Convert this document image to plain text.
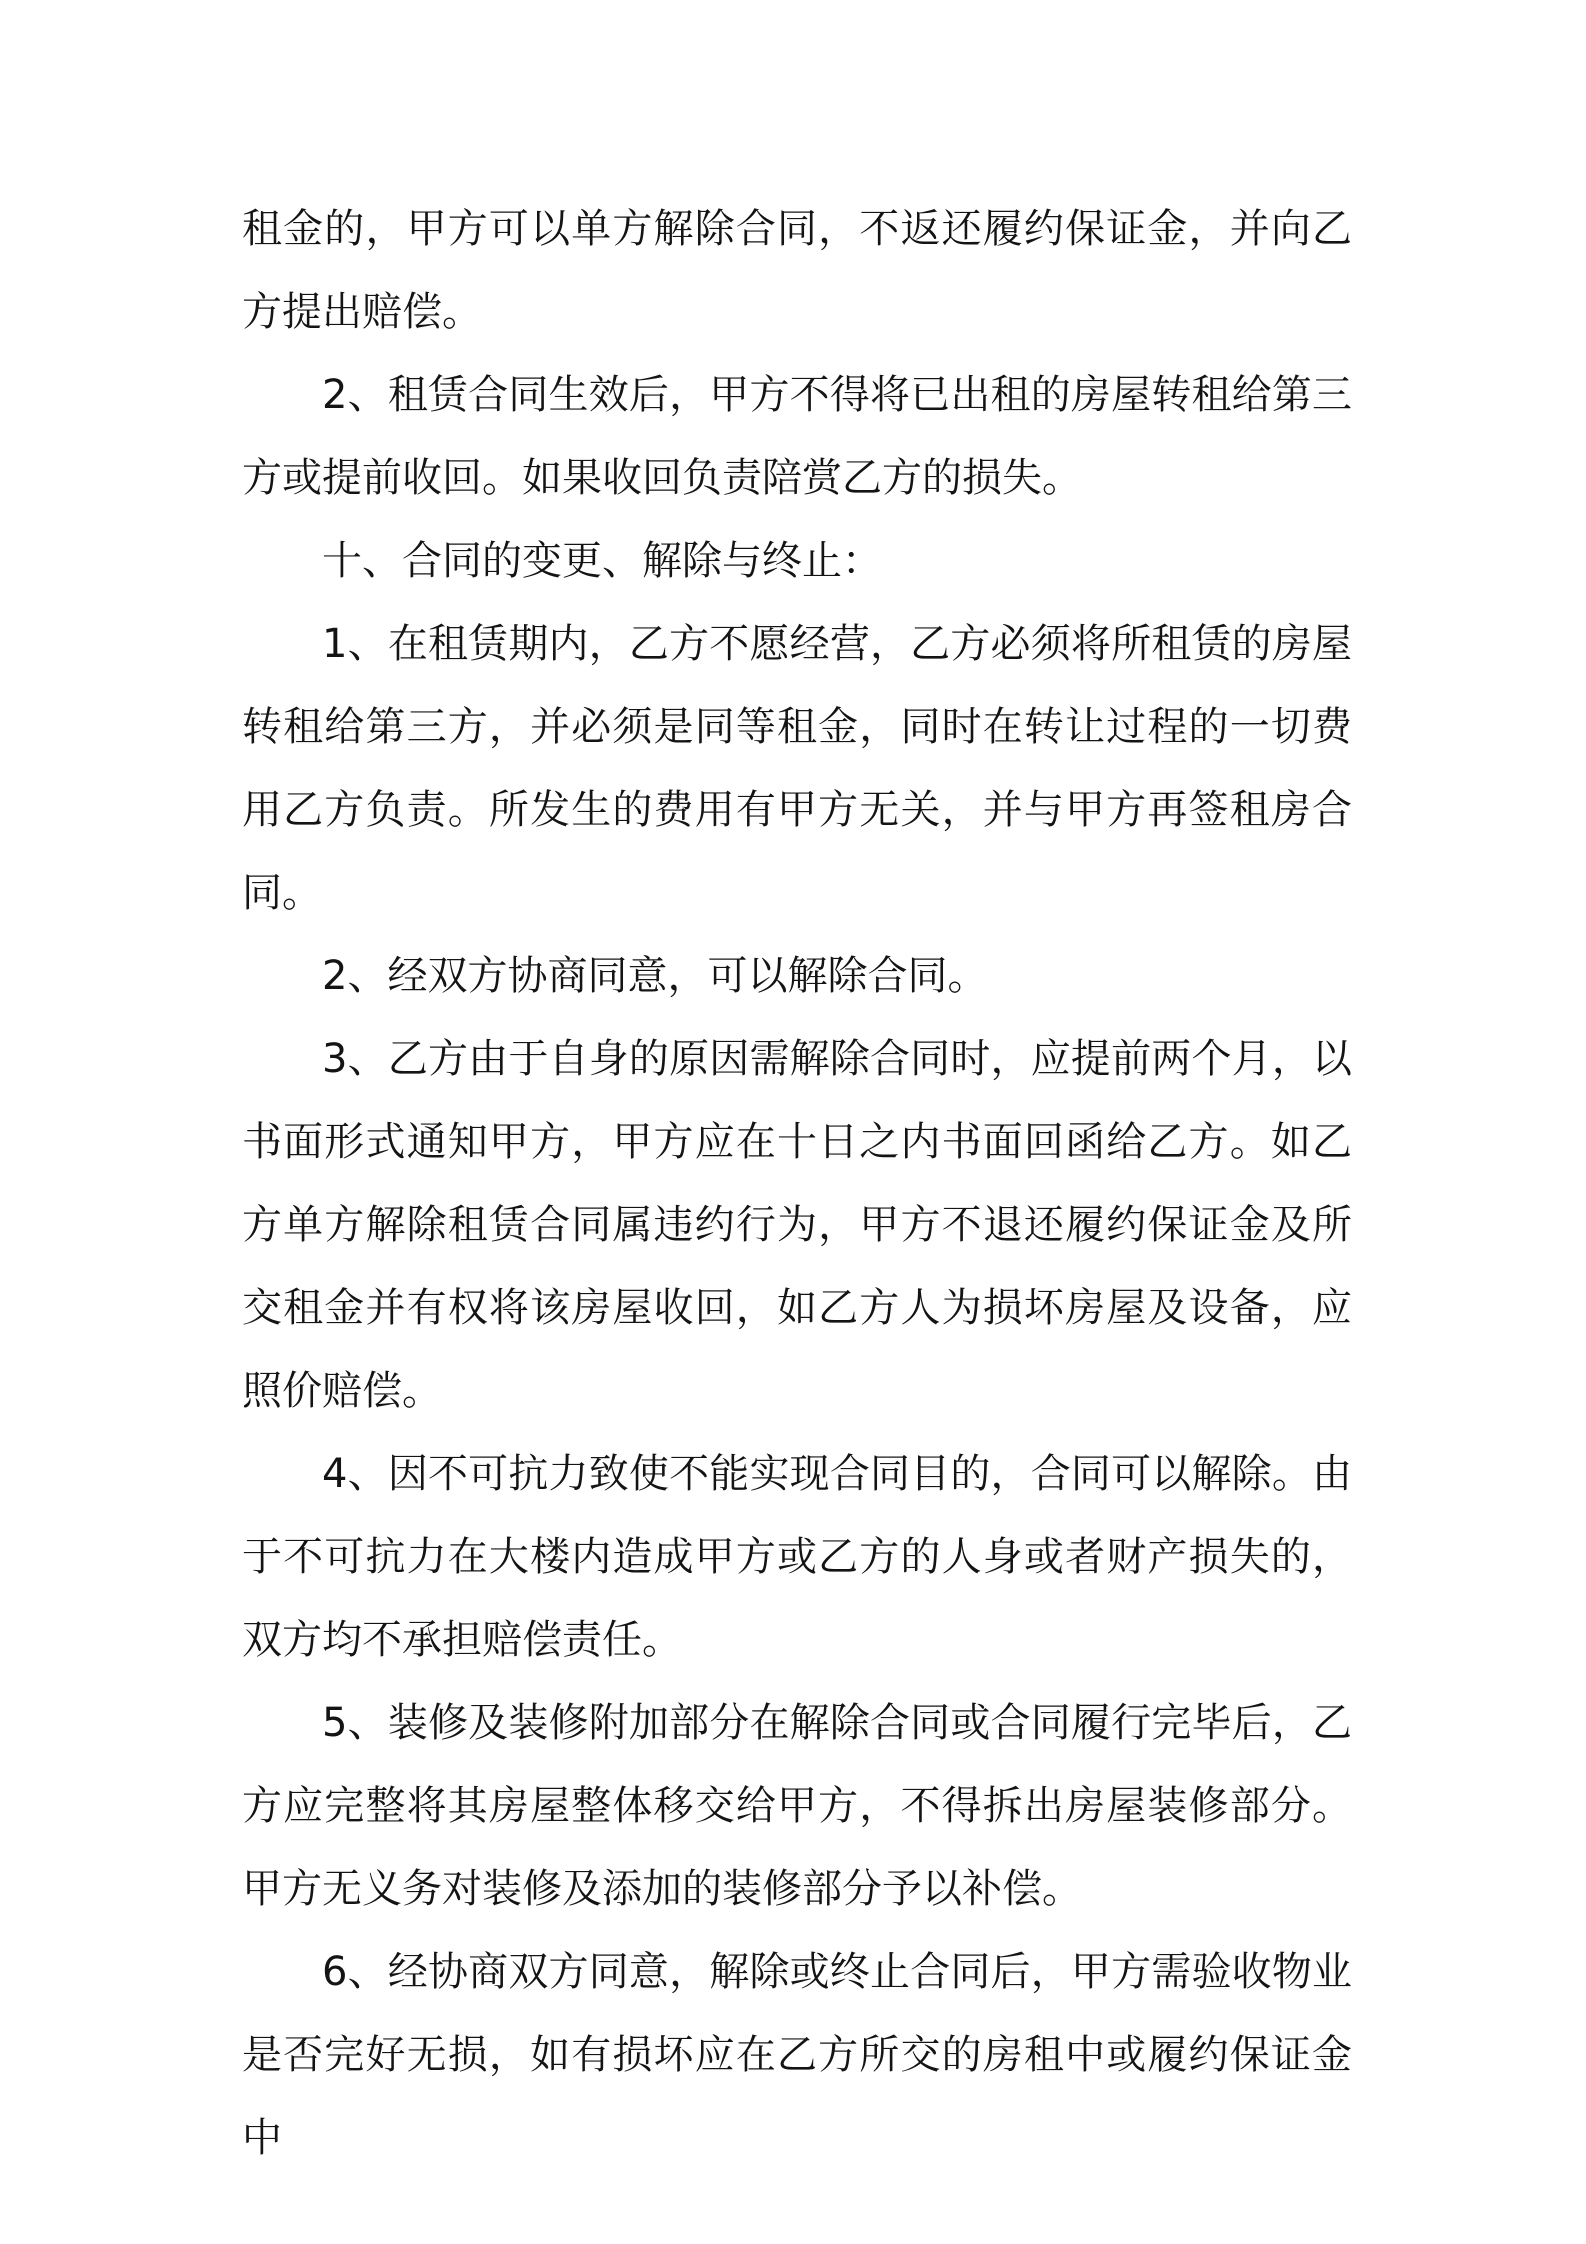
租金的，甲方可以单方解除合同，不返还履约保证金，并向乙方提出赔偿。

2、租赁合同生效后，甲方不得将已出租的房屋转租给第三方或提前收回。如果收回负责陪赏乙方的损失。

十、合同的变更、解除与终止：

1、在租赁期内，乙方不愿经营，乙方必须将所租赁的房屋转租给第三方，并必须是同等租金，同时在转让过程的一切费用乙方负责。所发生的费用有甲方无关，并与甲方再签租房合同。

2、经双方协商同意，可以解除合同。

3、乙方由于自身的原因需解除合同时，应提前两个月，以书面形式通知甲方，甲方应在十日之内书面回函给乙方。如乙方单方解除租赁合同属违约行为，甲方不退还履约保证金及所交租金并有权将该房屋收回，如乙方人为损坏房屋及设备，应照价赔偿。

4、因不可抗力致使不能实现合同目的，合同可以解除。由于不可抗力在大楼内造成甲方或乙方的人身或者财产损失的，双方均不承担赔偿责任。

5、装修及装修附加部分在解除合同或合同履行完毕后，乙方应完整将其房屋整体移交给甲方，不得拆出房屋装修部分。甲方无义务对装修及添加的装修部分予以补偿。

6、经协商双方同意，解除或终止合同后，甲方需验收物业是否完好无损，如有损坏应在乙方所交的房租中或履约保证金中
